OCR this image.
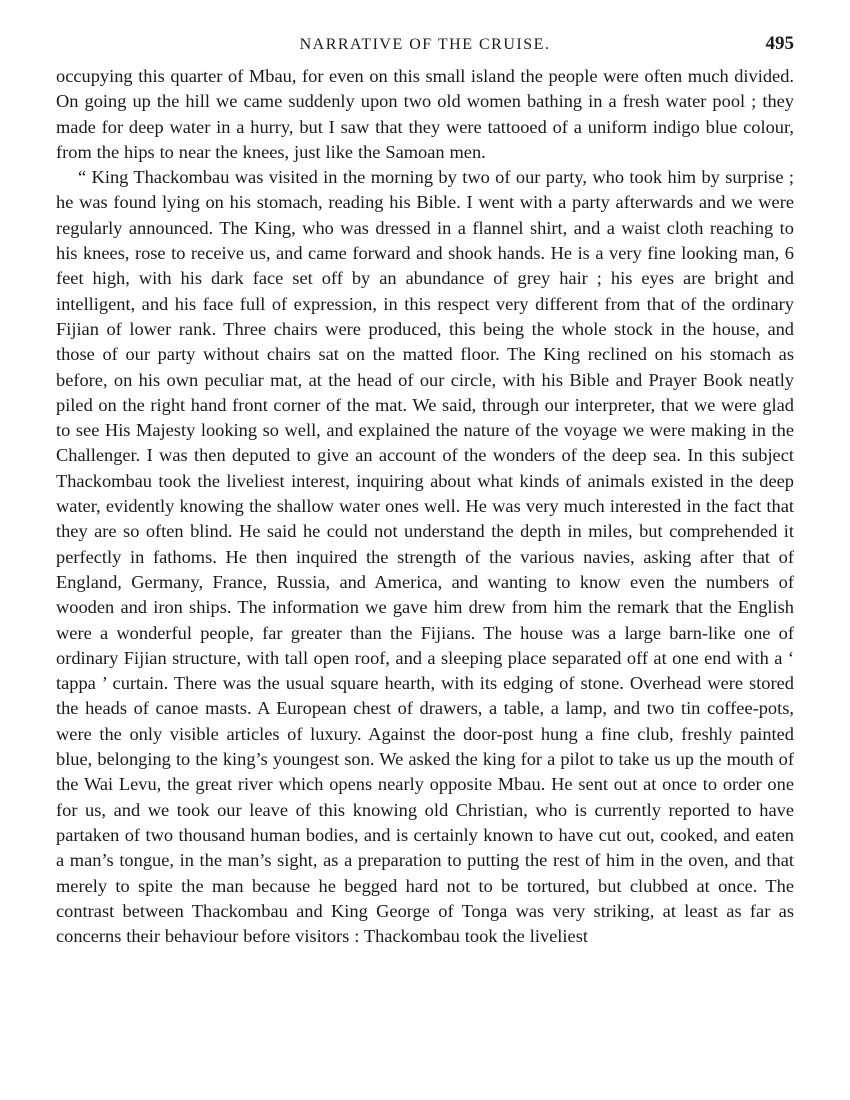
NARRATIVE OF THE CRUISE.	495

occupying this quarter of Mbau, for even on this small island the people were often much divided. On going up the hill we came suddenly upon two old women bathing in a fresh water pool ; they made for deep water in a hurry, but I saw that they were tattooed of a uniform indigo blue colour, from the hips to near the knees, just like the Samoan men.

“ King Thackombau was visited in the morning by two of our party, who took him by surprise ; he was found lying on his stomach, reading his Bible. I went with a party afterwards and we were regularly announced. The King, who was dressed in a flannel shirt, and a waist cloth reaching to his knees, rose to receive us, and came forward and shook hands. He is a very fine looking man, 6 feet high, with his dark face set off by an abundance of grey hair ; his eyes are bright and intelligent, and his face full of expression, in this respect very different from that of the ordinary Fijian of lower rank. Three chairs were produced, this being the whole stock in the house, and those of our party without chairs sat on the matted floor. The King reclined on his stomach as before, on his own peculiar mat, at the head of our circle, with his Bible and Prayer Book neatly piled on the right hand front corner of the mat. We said, through our interpreter, that we were glad to see His Majesty looking so well, and explained the nature of the voyage we were making in the Challenger. I was then deputed to give an account of the wonders of the deep sea. In this subject Thackombau took the liveliest interest, inquiring about what kinds of animals existed in the deep water, evidently knowing the shallow water ones well. He was very much interested in the fact that they are so often blind. He said he could not understand the depth in miles, but comprehended it perfectly in fathoms. He then inquired the strength of the various navies, asking after that of England, Germany, France, Russia, and America, and wanting to know even the numbers of wooden and iron ships. The information we gave him drew from him the remark that the English were a wonderful people, far greater than the Fijians. The house was a large barn-like one of ordinary Fijian structure, with tall open roof, and a sleeping place separated off at one end with a ‘ tappa ’ curtain. There was the usual square hearth, with its edging of stone. Overhead were stored the heads of canoe masts. A European chest of drawers, a table, a lamp, and two tin coffee-pots, were the only visible articles of luxury. Against the door-post hung a fine club, freshly painted blue, belonging to the king’s youngest son. We asked the king for a pilot to take us up the mouth of the Wai Levu, the great river which opens nearly opposite Mbau. He sent out at once to order one for us, and we took our leave of this knowing old Christian, who is currently reported to have partaken of two thousand human bodies, and is certainly known to have cut out, cooked, and eaten a man’s tongue, in the man’s sight, as a preparation to putting the rest of him in the oven, and that merely to spite the man because he begged hard not to be tortured, but clubbed at once. The contrast between Thackombau and King George of Tonga was very striking, at least as far as concerns their behaviour before visitors : Thackombau took the liveliest
